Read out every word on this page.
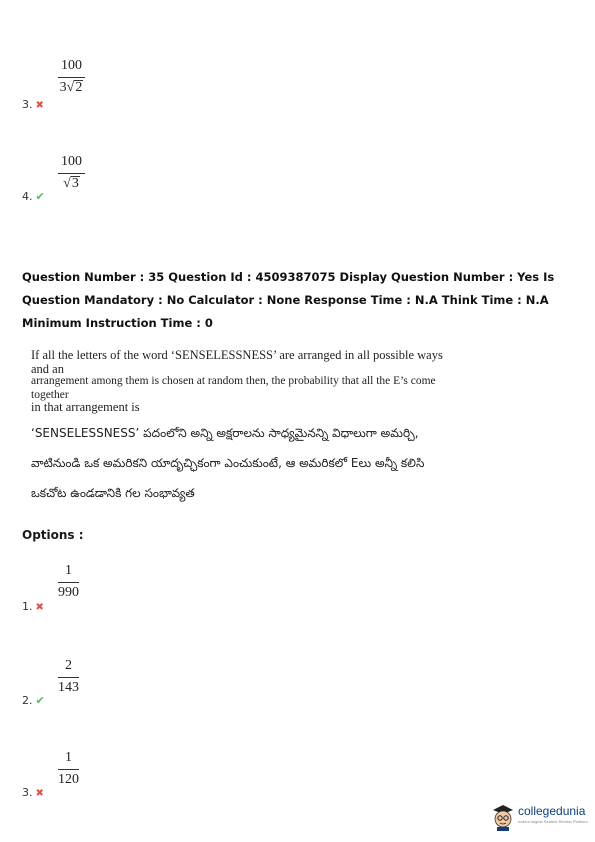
$\frac{100}{3√2}$
3. ✖
$\frac{100}{√3}$
4. ✔
Question Number : 35 Question Id : 4509387075 Display Question Number : Yes Is Question Mandatory : No Calculator : None Response Time : N.A Think Time : N.A Minimum Instruction Time : 0
If all the letters of the word ‘SENSELESSNESS’ are arranged in all possible ways and an
arrangement among them is chosen at random then, the probability that all the E’s come together
in that arrangement is
‘SENSELESSNESS’ పదంలోని అన్ని అక్షరాలను సాధ్యమైనన్ని విధాలుగా అమర్చి,
వాటినుండి ఒక అమరికని యాదృచ్ఛికంగా ఎంచుకుంటే, ఆ అమరికలో Eలు అన్నీ కలిసి
ఒకచోట ఉండడానికి గల సంభావ్యత
Options :
$\frac{1}{990}$
1. ✖
$\frac{2}{143}$
2. ✔
$\frac{1}{120}$
3. ✖
collegedunia
India's largest Student Review Platform
